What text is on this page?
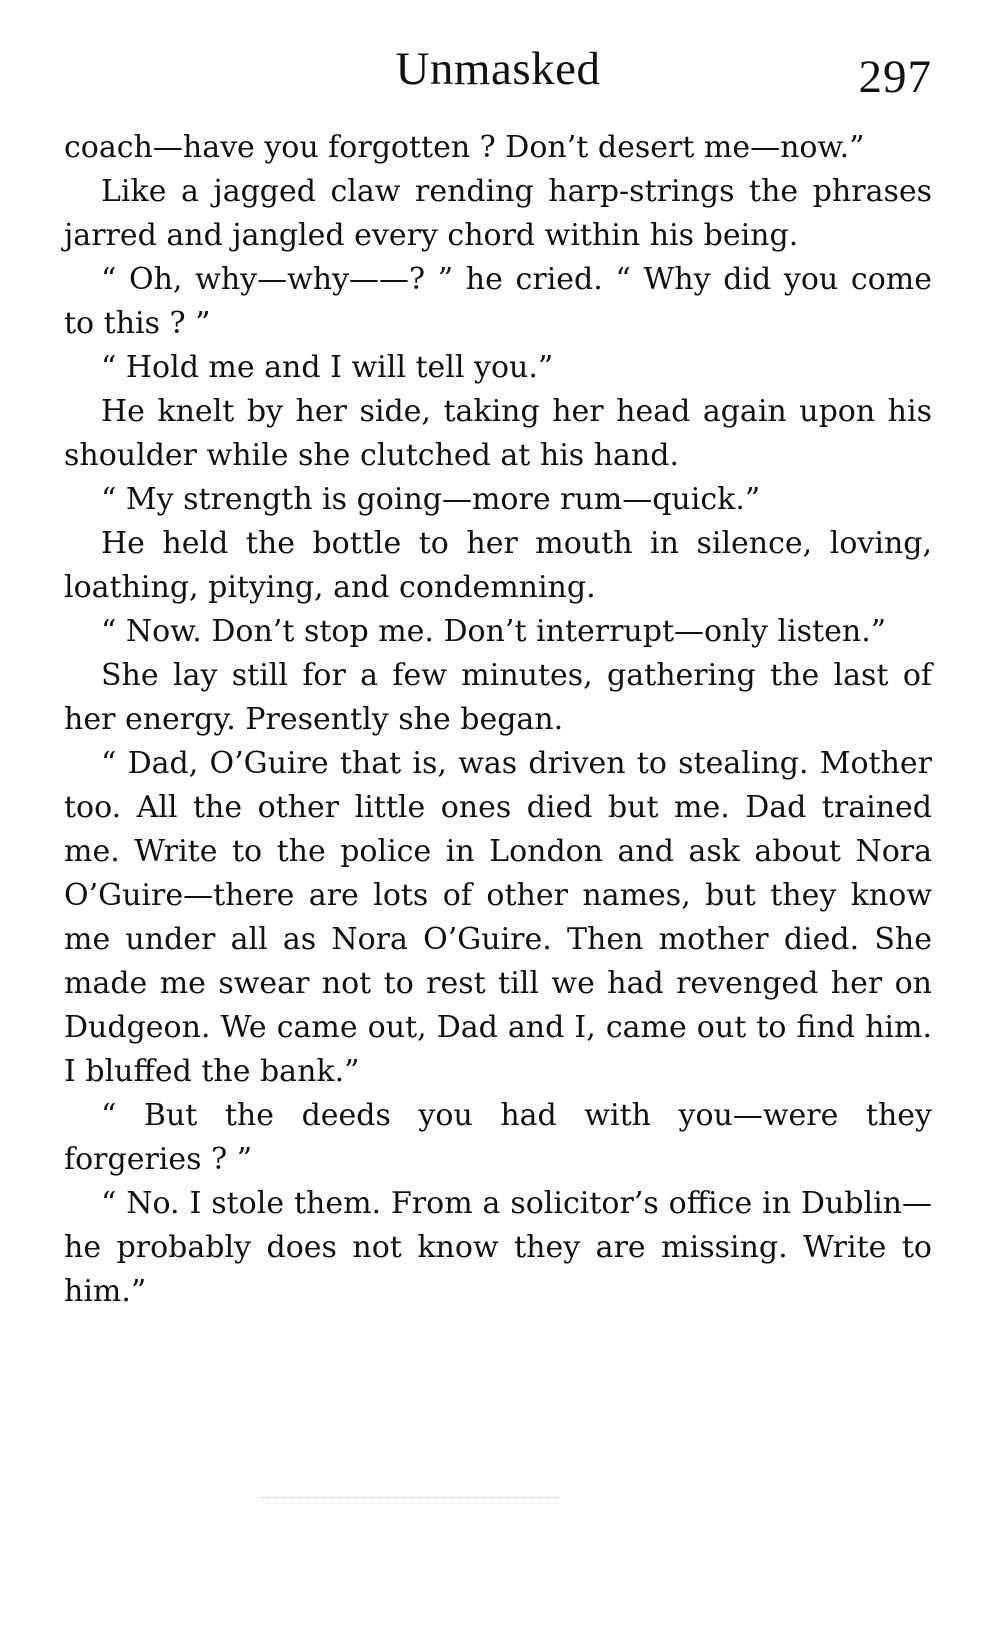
Unmasked	297

coach—have you forgotten ? Don’t desert me—now.”

Like a jagged claw rending harp-strings the phrases jarred and jangled every chord within his being.

“ Oh, why—why——? ” he cried. “ Why did you come to this ? ”

“ Hold me and I will tell you.”

He knelt by her side, taking her head again upon his shoulder while she clutched at his hand.

“ My strength is going—more rum—quick.”

He held the bottle to her mouth in silence, loving, loathing, pitying, and condemning.

“ Now. Don’t stop me. Don’t interrupt—only listen.”

She lay still for a few minutes, gathering the last of her energy. Presently she began.

“ Dad, O’Guire that is, was driven to stealing. Mother too. All the other little ones died but me. Dad trained me. Write to the police in London and ask about Nora O’Guire—there are lots of other names, but they know me under all as Nora O’Guire. Then mother died. She made me swear not to rest till we had revenged her on Dudgeon. We came out, Dad and I, came out to find him. I bluffed the bank.”

“ But the deeds you had with you—were they forgeries ? ”

“ No. I stole them. From a solicitor’s office in Dublin—he probably does not know they are missing. Write to him.”
